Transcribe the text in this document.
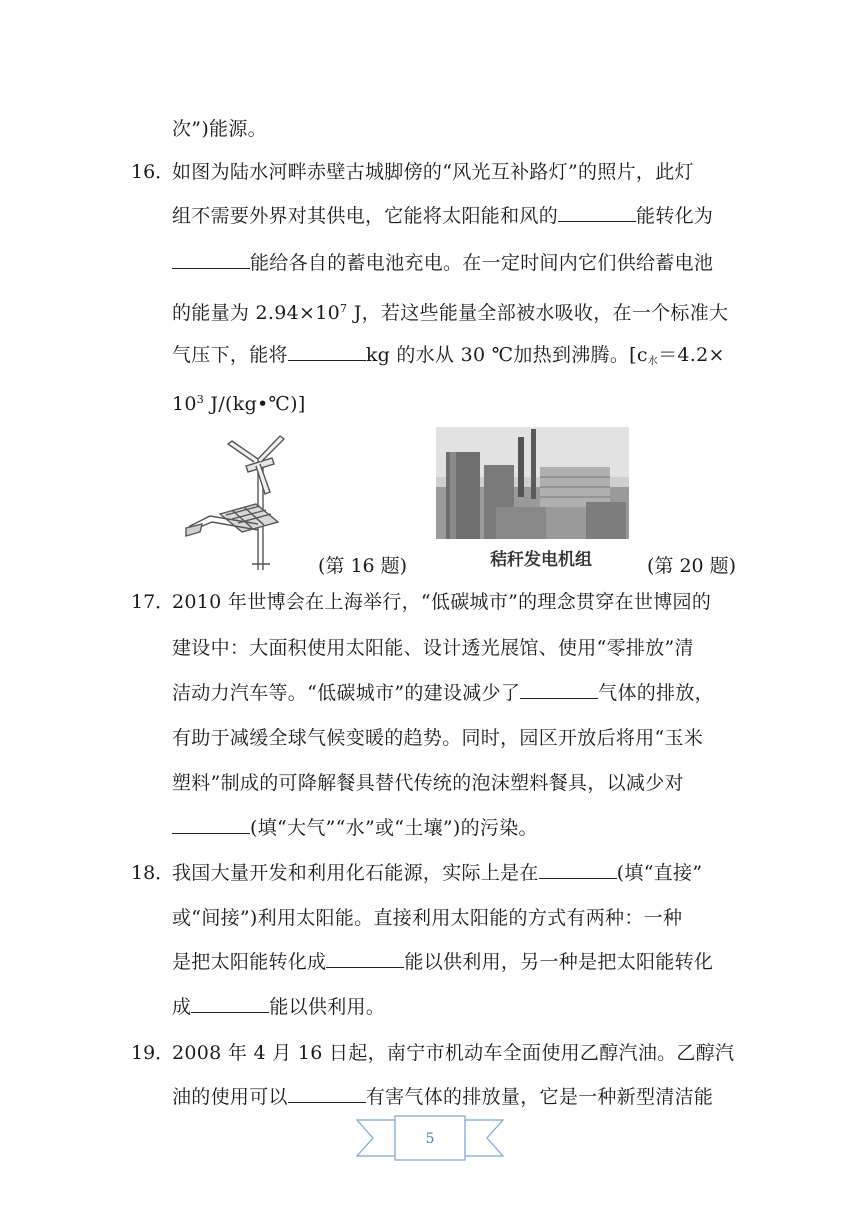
次”)能源。
16．
如图为陆水河畔赤壁古城脚傍的“风光互补路灯”的照片，此灯
组不需要外界对其供电，它能将太阳能和风的	能转化为
能给各自的蓄电池充电。在一定时间内它们供给蓄电池
的能量为 $2.94\times 10^7$ J，若这些能量全部被水吸收，在一个标准大
气压下，能将	kg 的水从 30 ℃加热到沸腾。[$c_水=4.2\times$
$10^3$ J/(kg•℃)]
(第 16 题)	秸秆发电机组	(第 20 题)
17．
2010 年世博会在上海举行，“低碳城市”的理念贯穿在世博园的
建设中：大面积使用太阳能、设计透光展馆、使用“零排放”清
洁动力汽车等。“低碳城市”的建设减少了	气体的排放，
有助于减缓全球气候变暖的趋势。同时，园区开放后将用“玉米
塑料”制成的可降解餐具替代传统的泡沫塑料餐具，以减少对
(填“大气”“水”或“土壤”)的污染。
18．
我国大量开发和利用化石能源，实际上是在	(填“直接”
或“间接”)利用太阳能。直接利用太阳能的方式有两种：一种
是把太阳能转化成	能以供利用，另一种是把太阳能转化
成	能以供利用。
19．
2008 年 4 月 16 日起，南宁市机动车全面使用乙醇汽油。乙醇汽
油的使用可以	有害气体的排放量，它是一种新型清洁能
5
